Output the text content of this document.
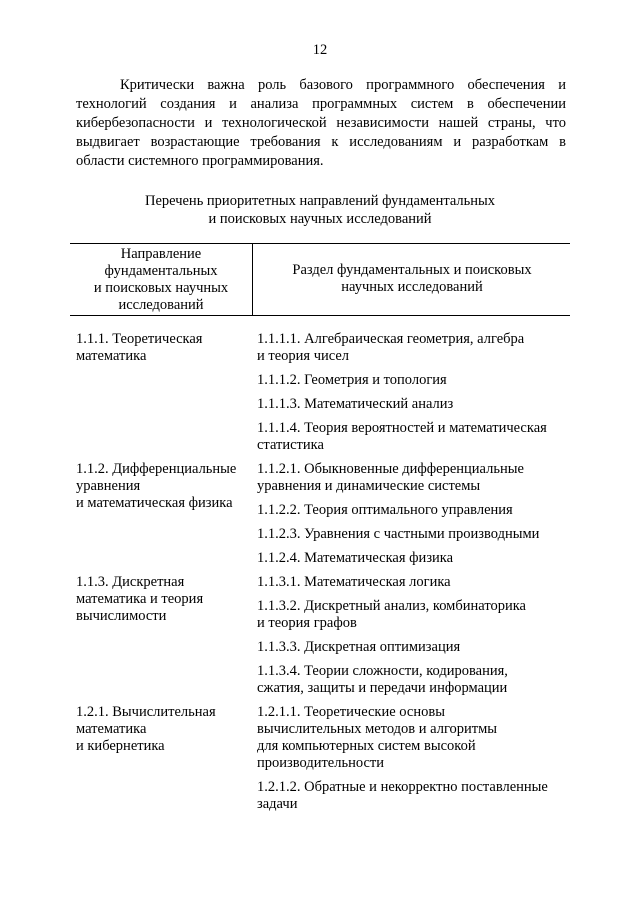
12

Критически важна роль базового программного обеспечения и технологий создания и анализа программных систем в обеспечении кибербезопасности и технологической независимости нашей страны, что выдвигает возрастающие требования к исследованиям и разработкам в области системного программирования.

Перечень приоритетных направлений фундаментальных
и поисковых научных исследований
Направление
фундаментальных
и поисковых научных
исследований
Раздел фундаментальных и поисковых
научных исследований
1.1.1. Теоретическая
математика
1.1.1.1. Алгебраическая геометрия, алгебра
и теория чисел
1.1.1.2. Геометрия и топология
1.1.1.3. Математический анализ
1.1.1.4. Теория вероятностей и математическая
статистика
1.1.2. Дифференциальные
уравнения
и математическая физика
1.1.2.1. Обыкновенные дифференциальные
уравнения и динамические системы
1.1.2.2. Теория оптимального управления
1.1.2.3. Уравнения с частными производными
1.1.2.4. Математическая физика
1.1.3. Дискретная
математика и теория
вычислимости
1.1.3.1. Математическая логика
1.1.3.2. Дискретный анализ, комбинаторика
и теория графов
1.1.3.3. Дискретная оптимизация
1.1.3.4. Теории сложности, кодирования,
сжатия, защиты и передачи информации
1.2.1. Вычислительная
математика
и кибернетика
1.2.1.1. Теоретические основы
вычислительных методов и алгоритмы
для компьютерных систем высокой
производительности
1.2.1.2. Обратные и некорректно поставленные
задачи
